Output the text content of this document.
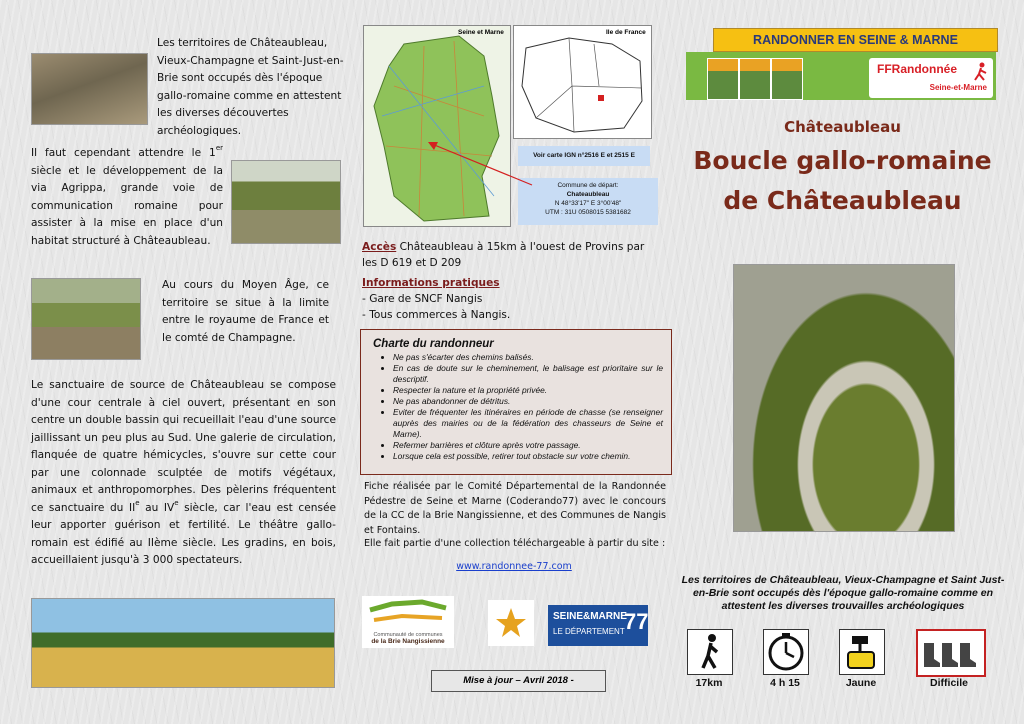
Les territoires de Châteaubleau, Vieux-Champagne et Saint-Just-en-Brie sont occupés dès l'époque gallo-romaine comme en attestent les diverses découvertes archéologiques.
Il faut cependant attendre le 1er siècle et le développement de la via Agrippa, grande voie de communication romaine pour assister à la mise en place d'un habitat structuré à Châteaubleau.
Au cours du Moyen Âge, ce territoire se situe à la limite entre le royaume de France et le comté de Champagne.
Le sanctuaire de source de Châteaubleau se compose d'une cour centrale à ciel ouvert, présentant en son centre un double bassin qui recueillait l'eau d'une source jaillissant un peu plus au Sud. Une galerie de circulation, flanquée de quatre hémicycles, s'ouvre sur cette cour par une colonnade sculptée de motifs végétaux, animaux et anthropomorphes. Des pèlerins fréquentent ce sanctuaire du IIe au IVe siècle, car l'eau est censée leur apporter guérison et fertilité. Le théâtre gallo-romain est édifié au IIème siècle. Les gradins, en bois, accueillaient jusqu'à 3 000 spectateurs.
Seine et Marne	Ile de France
Voir carte IGN n°2516 E et 2515 E
Commune de départ:
Chateaubleau
N 48°33'17" E 3°00'48"
UTM : 31U 0508015 5381682
Accès Châteaubleau à 15km à l'ouest de Provins par les D 619 et D 209
Informations pratiques
- Gare de SNCF Nangis
- Tous commerces à Nangis.
Charte du randonneur
• Ne pas s'écarter des chemins balisés.
• En cas de doute sur le cheminement, le balisage est prioritaire sur le descriptif.
• Respecter la nature et la propriété privée.
• Ne pas abandonner de détritus.
• Eviter de fréquenter les itinéraires en période de chasse (se renseigner auprès des mairies ou de la fédération des chasseurs de Seine et Marne).
• Refermer barrières et clôture après votre passage.
• Lorsque cela est possible, retirer tout obstacle sur votre chemin.
Fiche réalisée par le Comité Départemental de la Randonnée Pédestre de Seine et Marne (Coderando77) avec le concours de la CC de la Brie Nangissienne, et des Communes de Nangis et Fontains.
Elle fait partie d'une collection téléchargeable à partir du site :
www.randonnee-77.com
Communauté de communes
de la Brie Nangissienne
SEINE&MARNE
LE DÉPARTEMENT 77
Mise à jour – Avril 2018 -
RANDONNER EN SEINE & MARNE
FFRandonnée
Seine-et-Marne
Châteaubleau
Boucle gallo-romaine
de Châteaubleau
Les territoires de Châteaubleau, Vieux-Champagne et Saint Just-en-Brie sont occupés dès l'époque gallo-romaine comme en attestent les diverses trouvailles archéologiques
17km	4 h 15	Jaune	Difficile
